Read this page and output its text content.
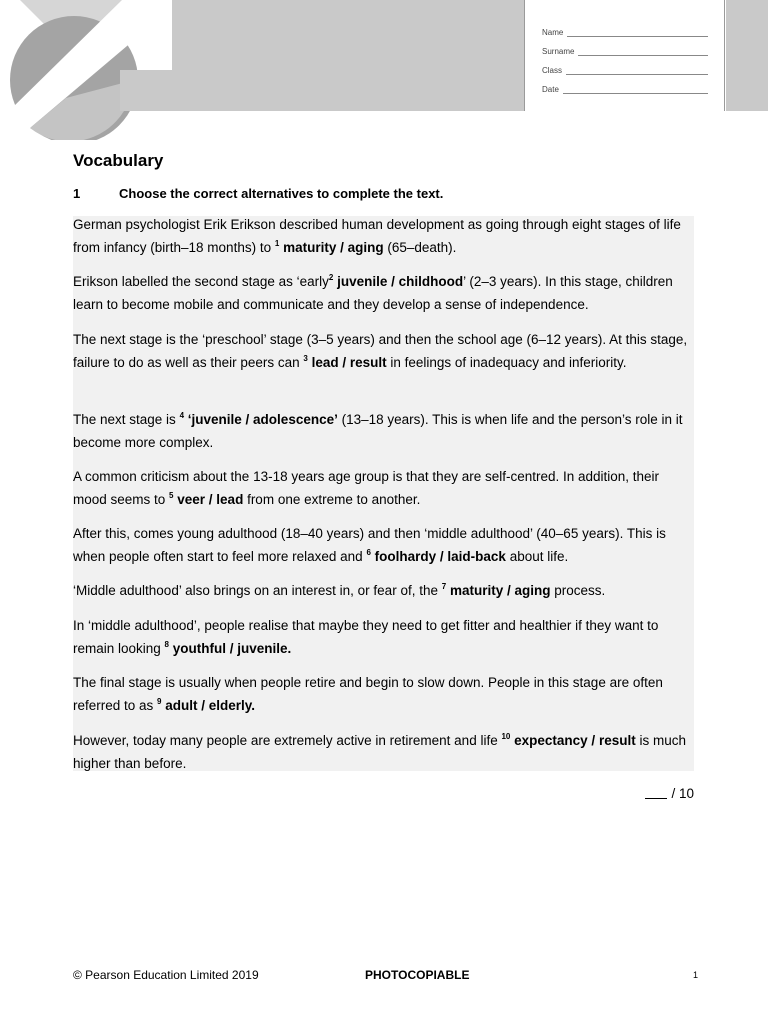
Name
Surname
Class
Date
Vocabulary
1	Choose the correct alternatives to complete the text.
German psychologist Erik Erikson described human development as going through eight stages of life from infancy (birth–18 months) to $^1$ maturity / aging (65–death).
Erikson labelled the second stage as ‘early$^2$ juvenile / childhood’ (2–3 years). In this stage, children learn to become mobile and communicate and they develop a sense of independence.
The next stage is the ‘preschool’ stage (3–5 years) and then the school age (6–12 years). At this stage, failure to do as well as their peers can $^3$ lead / result in feelings of inadequacy and inferiority.
The next stage is $^4$ ‘juvenile / adolescence’ (13–18 years). This is when life and the person’s role in it become more complex.
A common criticism about the 13-18 years age group is that they are self-centred. In addition, their mood seems to $^5$ veer / lead from one extreme to another.
After this, comes young adulthood (18–40 years) and then ‘middle adulthood’ (40–65 years). This is when people often start to feel more relaxed and $^6$ foolhardy / laid-back about life.
‘Middle adulthood’ also brings on an interest in, or fear of, the $^7$ maturity / aging process.
In ‘middle adulthood’, people realise that maybe they need to get fitter and healthier if they want to remain looking $^8$ youthful / juvenile.
The final stage is usually when people retire and begin to slow down. People in this stage are often referred to as $^9$ adult / elderly.
However, today many people are extremely active in retirement and life $^{10}$ expectancy / result is much higher than before.
/ 10
© Pearson Education Limited 2019	PHOTOCOPIABLE	1
